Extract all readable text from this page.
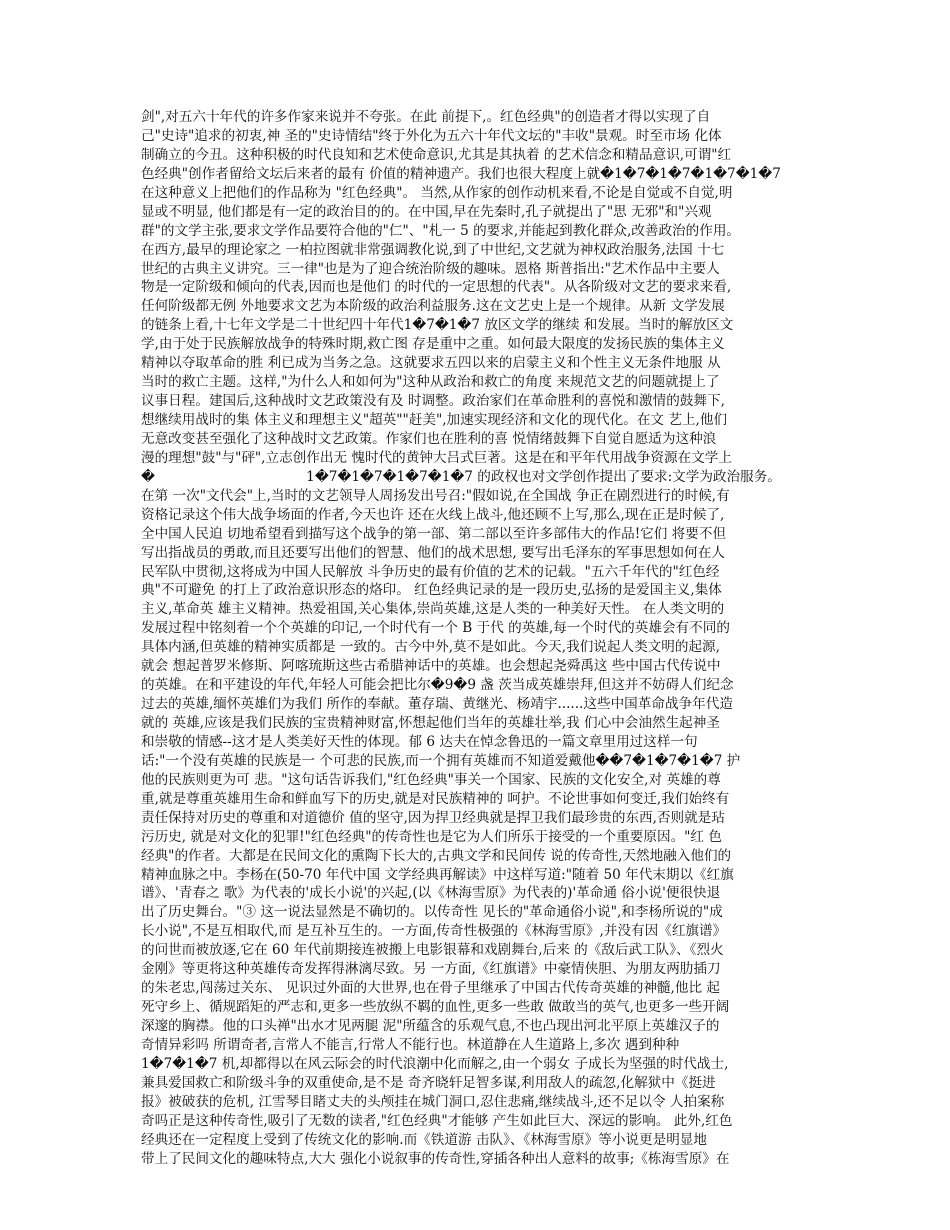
剑",对五六十年代的许多作家来说并不夸张。在此 前提下,。红色经典"的创造者才得以实现了自
己"史诗"追求的初衷,神 圣的"史诗情结"终于外化为五六十年代文坛的"丰收"景观。时至市场 化体
制确立的今丑。这种积极的时代良知和艺术使命意识,尤其是其执着 的艺术信念和精品意识,可谓"红
色经典"创作者留给文坛后来者的最有 价值的精神遗产。我们也很大程度上就�1�7�1�7�1�7�1�7
在这种意义上把他们的作品称为 "红色经典"。 当然,从作家的创作动机来看,不论是自觉或不自觉,明
显或不明显, 他们都是有一定的政治目的的。在中国,早在先秦时,孔子就提出了"思 无邪"和"兴观
群"的文学主张,要求文学作品要符合他的"仁"、"札一 5 的要求,并能起到教化群众,改善政治的作用。
在西方,最早的理论家之 一柏拉图就非常强调教化说,到了中世纪,文艺就为神权政治服务,法国 十七
世纪的古典主义讲究。三一律"也是为了迎合统治阶级的趣味。恩格 斯普指出:"艺术作品中主要人
物是一定阶级和倾向的代表,因而也是他们 的时代的一定思想的代表"。从各阶级对文艺的要求来看,
任何阶级都无例 外地要求文艺为本阶级的政治利益服务.这在文艺史上是一个规律。从新 文学发展
的链条上看,十七年文学是二十世纪四十年代1�7�1�7 放区文学的继续 和发展。当时的解放区文
学,由于处于民族解放战争的特殊时期,救亡图 存是重中之重。如何最大限度的发扬民族的集体主义
精神以夺取革命的胜 利已成为当务之急。这就要求五四以来的启蒙主义和个性主义无条件地服 从
当时的救亡主题。这样,"为什么人和如何为"这种从政治和救亡的角度 来规范文艺的问题就提上了
议事日程。建国后,这种战时文艺政策没有及 时调整。政治家们在革命胜利的喜悦和激情的鼓舞下,
想继续用战时的集 体主义和理想主义"超英""赶美",加速实现经济和文化的现代化。在文 艺上,他们
无意改变甚至强化了这种战时文艺政策。作家们也在胜利的喜 悦情绪鼓舞下自觉自愿适为这种浪
漫的理想"鼓"与"砰",立志创作出无 愧时代的黄钟大吕式巨著。这是在和平年代用战争资源在文学上
�                                   1�7�1�7�1�7�1�7 的政权也对文学创作提出了要求:文学为政治服务。
在第 一次"文代会"上,当时的文艺领导人周扬发出号召:"假如说,在全国战 争正在剧烈进行的时候,有
资格记录这个伟大战争场面的作者,今天也许 还在火线上战斗,他还顾不上写,那么,现在正是时候了,
全中国人民迫 切地希望看到描写这个战争的第一部、第二部以至许多部伟大的作品!它们 将要不但
写出指战员的勇敢,而且还要写出他们的智慧、他们的战术思想, 要写出毛泽东的军事思想如何在人
民军队中贯彻,这将成为中国人民解放 斗争历史的最有价值的艺术的记载。"五六千年代的"红色经
典"不可避免 的打上了政治意识形态的烙印。 红色经典记录的是一段历史,弘扬的是爱国主义,集体
主义,革命英 雄主义精神。热爱祖国,关心集体,崇尚英雄,这是人类的一种美好天性。 在人类文明的
发展过程中铭刻着一个个英雄的印记,一个时代有一个 B 于代 的英雄,每一个时代的英雄会有不同的
具体内涵,但英雄的精神实质都是 一致的。古今中外,莫不是如此。今天,我们说起人类文明的起源,
就会 想起普罗米修斯、阿喀琉斯这些古希腊神话中的英雄。也会想起尧舜禹这 些中国古代传说中
的英雄。在和平建设的年代,年轻人可能会把比尔�9�9 盏 茨当成英雄崇拜,但这并不妨碍人们纪念
过去的英雄,缅怀英雄们为我们 所作的奉献。董存瑞、黄继光、杨靖宇......这些中国革命战争年代造
就的 英雄,应该是我们民族的宝贵精神财富,怀想起他们当年的英雄壮举,我 们心中会油然生起神圣
和崇敬的情感--这才是人类美好天性的体现。郁 6 达夫在悼念鲁迅的一篇文章里用过这样一句
话:"一个没有英雄的民族是一 个可悲的民族,而一个拥有英雄而不知道爱戴他��7�1�7�1�7 护
他的民族则更为可 悲。"这句话告诉我们,"红色经典"事关一个国家、民族的文化安全,对 英雄的尊
重,就是尊重英雄用生命和鲜血写下的历史,就是对民族精神的 呵护。不论世事如何变迁,我们始终有
责任保持对历史的尊重和对道德价 值的坚守,因为捍卫经典就是捍卫我们最珍贵的东西,否则就是玷
污历史, 就是对文化的犯罪!"红色经典"的传奇性也是它为人们所乐于接受的一个重要原因。"红 色
经典"的作者。大都是在民间文化的熏陶下长大的,古典文学和民间传 说的传奇性,天然地融入他们的
精神血脉之中。李杨在(50-70 年代中国 文学经典再解读》中这样写道:"随着 50 年代末期以《红旗
谱》、'青春之 歌》为代表的'成长小说'的兴起,(以《林海雪原》为代表的)'革命通 俗小说'便很快退
出了历史舞台。"③ 这一说法显然是不确切的。以传奇性 见长的"革命通俗小说",和李杨所说的"成
长小说",不是互相取代,而 是互补互生的。一方面,传奇性极强的《林海雪原》,并没有因《红旗谱》
的问世而被放逐,它在 60 年代前期接连被搬上电影银幕和戏剧舞台,后来 的《敌后武工队》、《烈火
金刚》等更将这种英雄传奇发挥得淋漓尽致。另 一方面,《红旗谱》中豪情侠胆、为朋友两肋插刀
的朱老忠,闯荡过关东、 见识过外面的大世界,也在骨子里继承了中国古代传奇英雄的神髓,他比 起
死守乡上、循规蹈矩的严志和,更多一些放纵不羁的血性,更多一些敢 做敢当的英气,也更多一些开阔
深邃的胸襟。他的口头禅"出水才见两腿 泥"所蕴含的乐观气息,不也凸现出河北平原上英雄汉子的
奇情异彩吗 所谓奇者,言常人不能言,行常人不能行也。林道静在人生道路上,多次 遇到种种
1�7�1�7 机,却都得以在风云际会的时代浪潮中化而解之,由一个弱女 子成长为坚强的时代战士,
兼具爱国救亡和阶级斗争的双重使命,是不是 奇齐晓轩足智多谋,利用敌人的疏忽,化解狱中《挺进
报》被破获的危机, 江雪琴目睹丈夫的头颅挂在城门洞口,忍住悲痛,继续战斗,还不足以令 人拍案称
奇吗正是这种传奇性,吸引了无数的读者,"红色经典"才能够 产生如此巨大、深远的影响。 此外,红色
经典还在一定程度上受到了传统文化的影响.而《铁道游 击队》、《林海雪原》等小说更是明显地
带上了民间文化的趣味特点,大大 强化小说叙事的传奇性,穿插各种出人意料的故事;《栋海雪原》在
